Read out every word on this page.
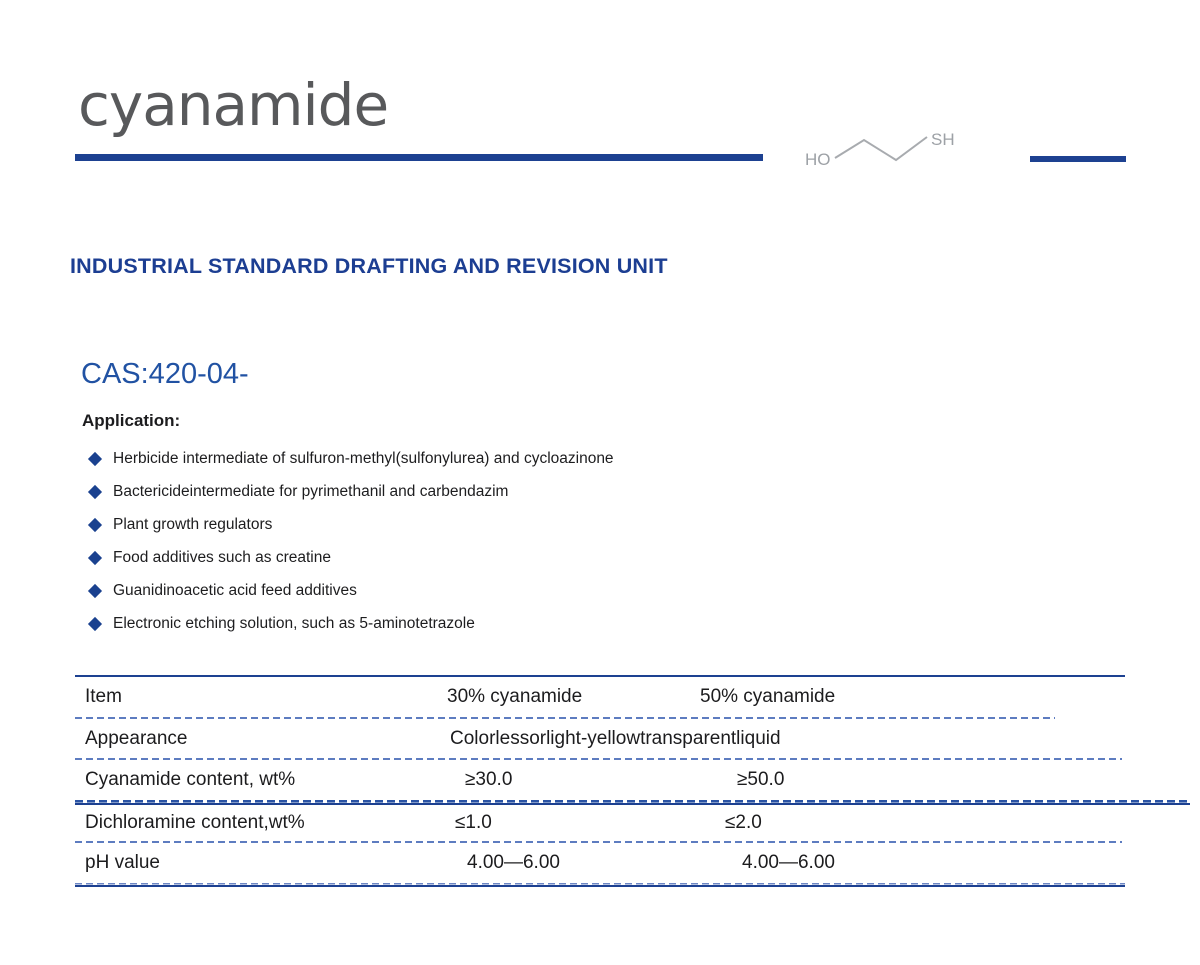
cyanamide
HO
SH
INDUSTRIAL STANDARD DRAFTING AND REVISION UNIT
CAS:420-04-
Application:
Herbicide intermediate of sulfuron-methyl(sulfonylurea) and cycloazinone
Bactericideintermediate for pyrimethanil and carbendazim
Plant growth regulators
Food additives such as creatine
Guanidinoacetic acid feed additives
Electronic etching solution, such as 5-aminotetrazole
Item	30% cyanamide	50% cyanamide
Appearance	Colorlessorlight-yellowtransparentliquid
Cyanamide content, wt%	≥30.0	≥50.0
Dichloramine content,wt%	≤1.0	≤2.0
pH value	4.00—6.00	4.00—6.00
